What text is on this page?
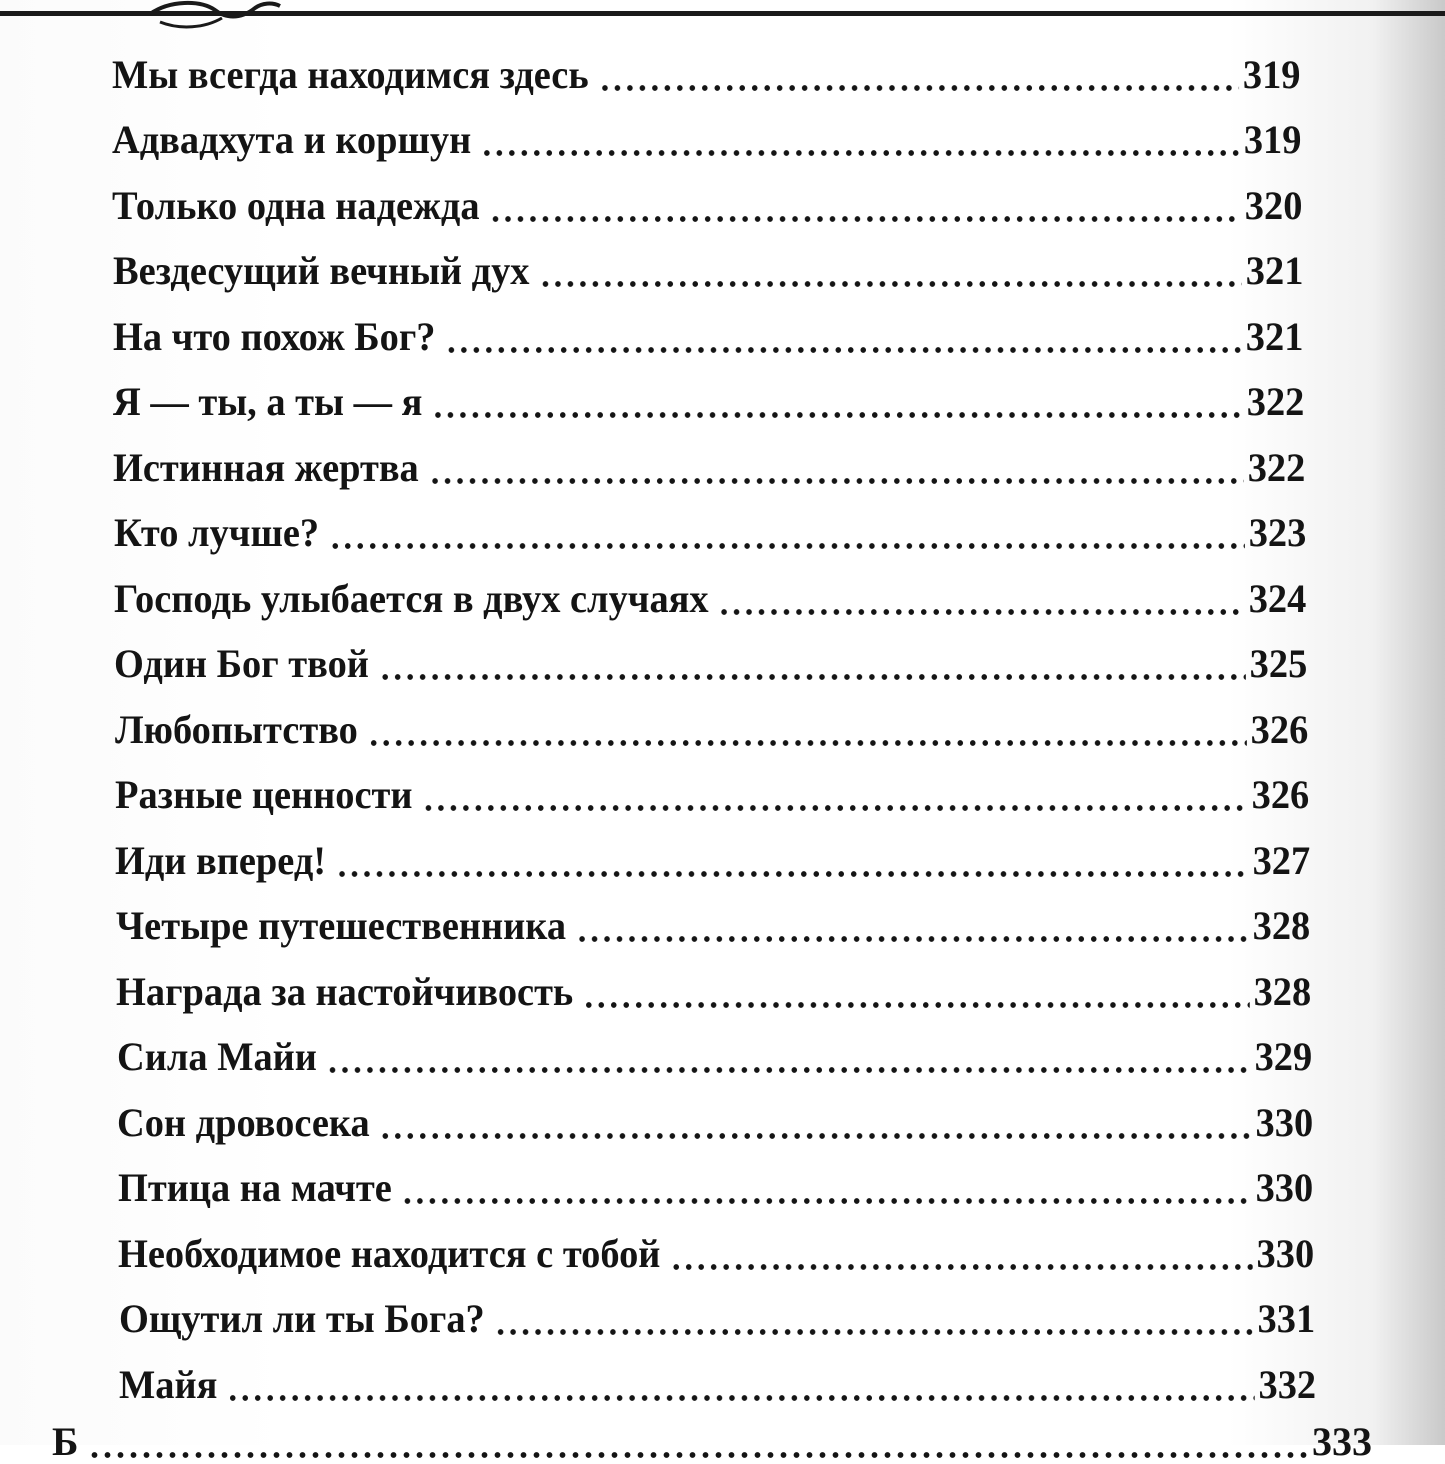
Мы всегда находимся здесь	319
Адвадхута и коршун	319
Только одна надежда	320
Вездесущий вечный дух	321
На что похож Бог?	321
Я — ты, а ты — я	322
Истинная жертва	322
Кто лучше?	323
Господь улыбается в двух случаях	324
Один Бог твой	325
Любопытство	326
Разные ценности	326
Иди вперед!	327
Четыре путешественника	328
Награда за настойчивость	328
Сила Майи	329
Сон дровосека	330
Птица на мачте	330
Необходимое находится с тобой	330
Ощутил ли ты Бога?	331
Майя	332
Б	333
